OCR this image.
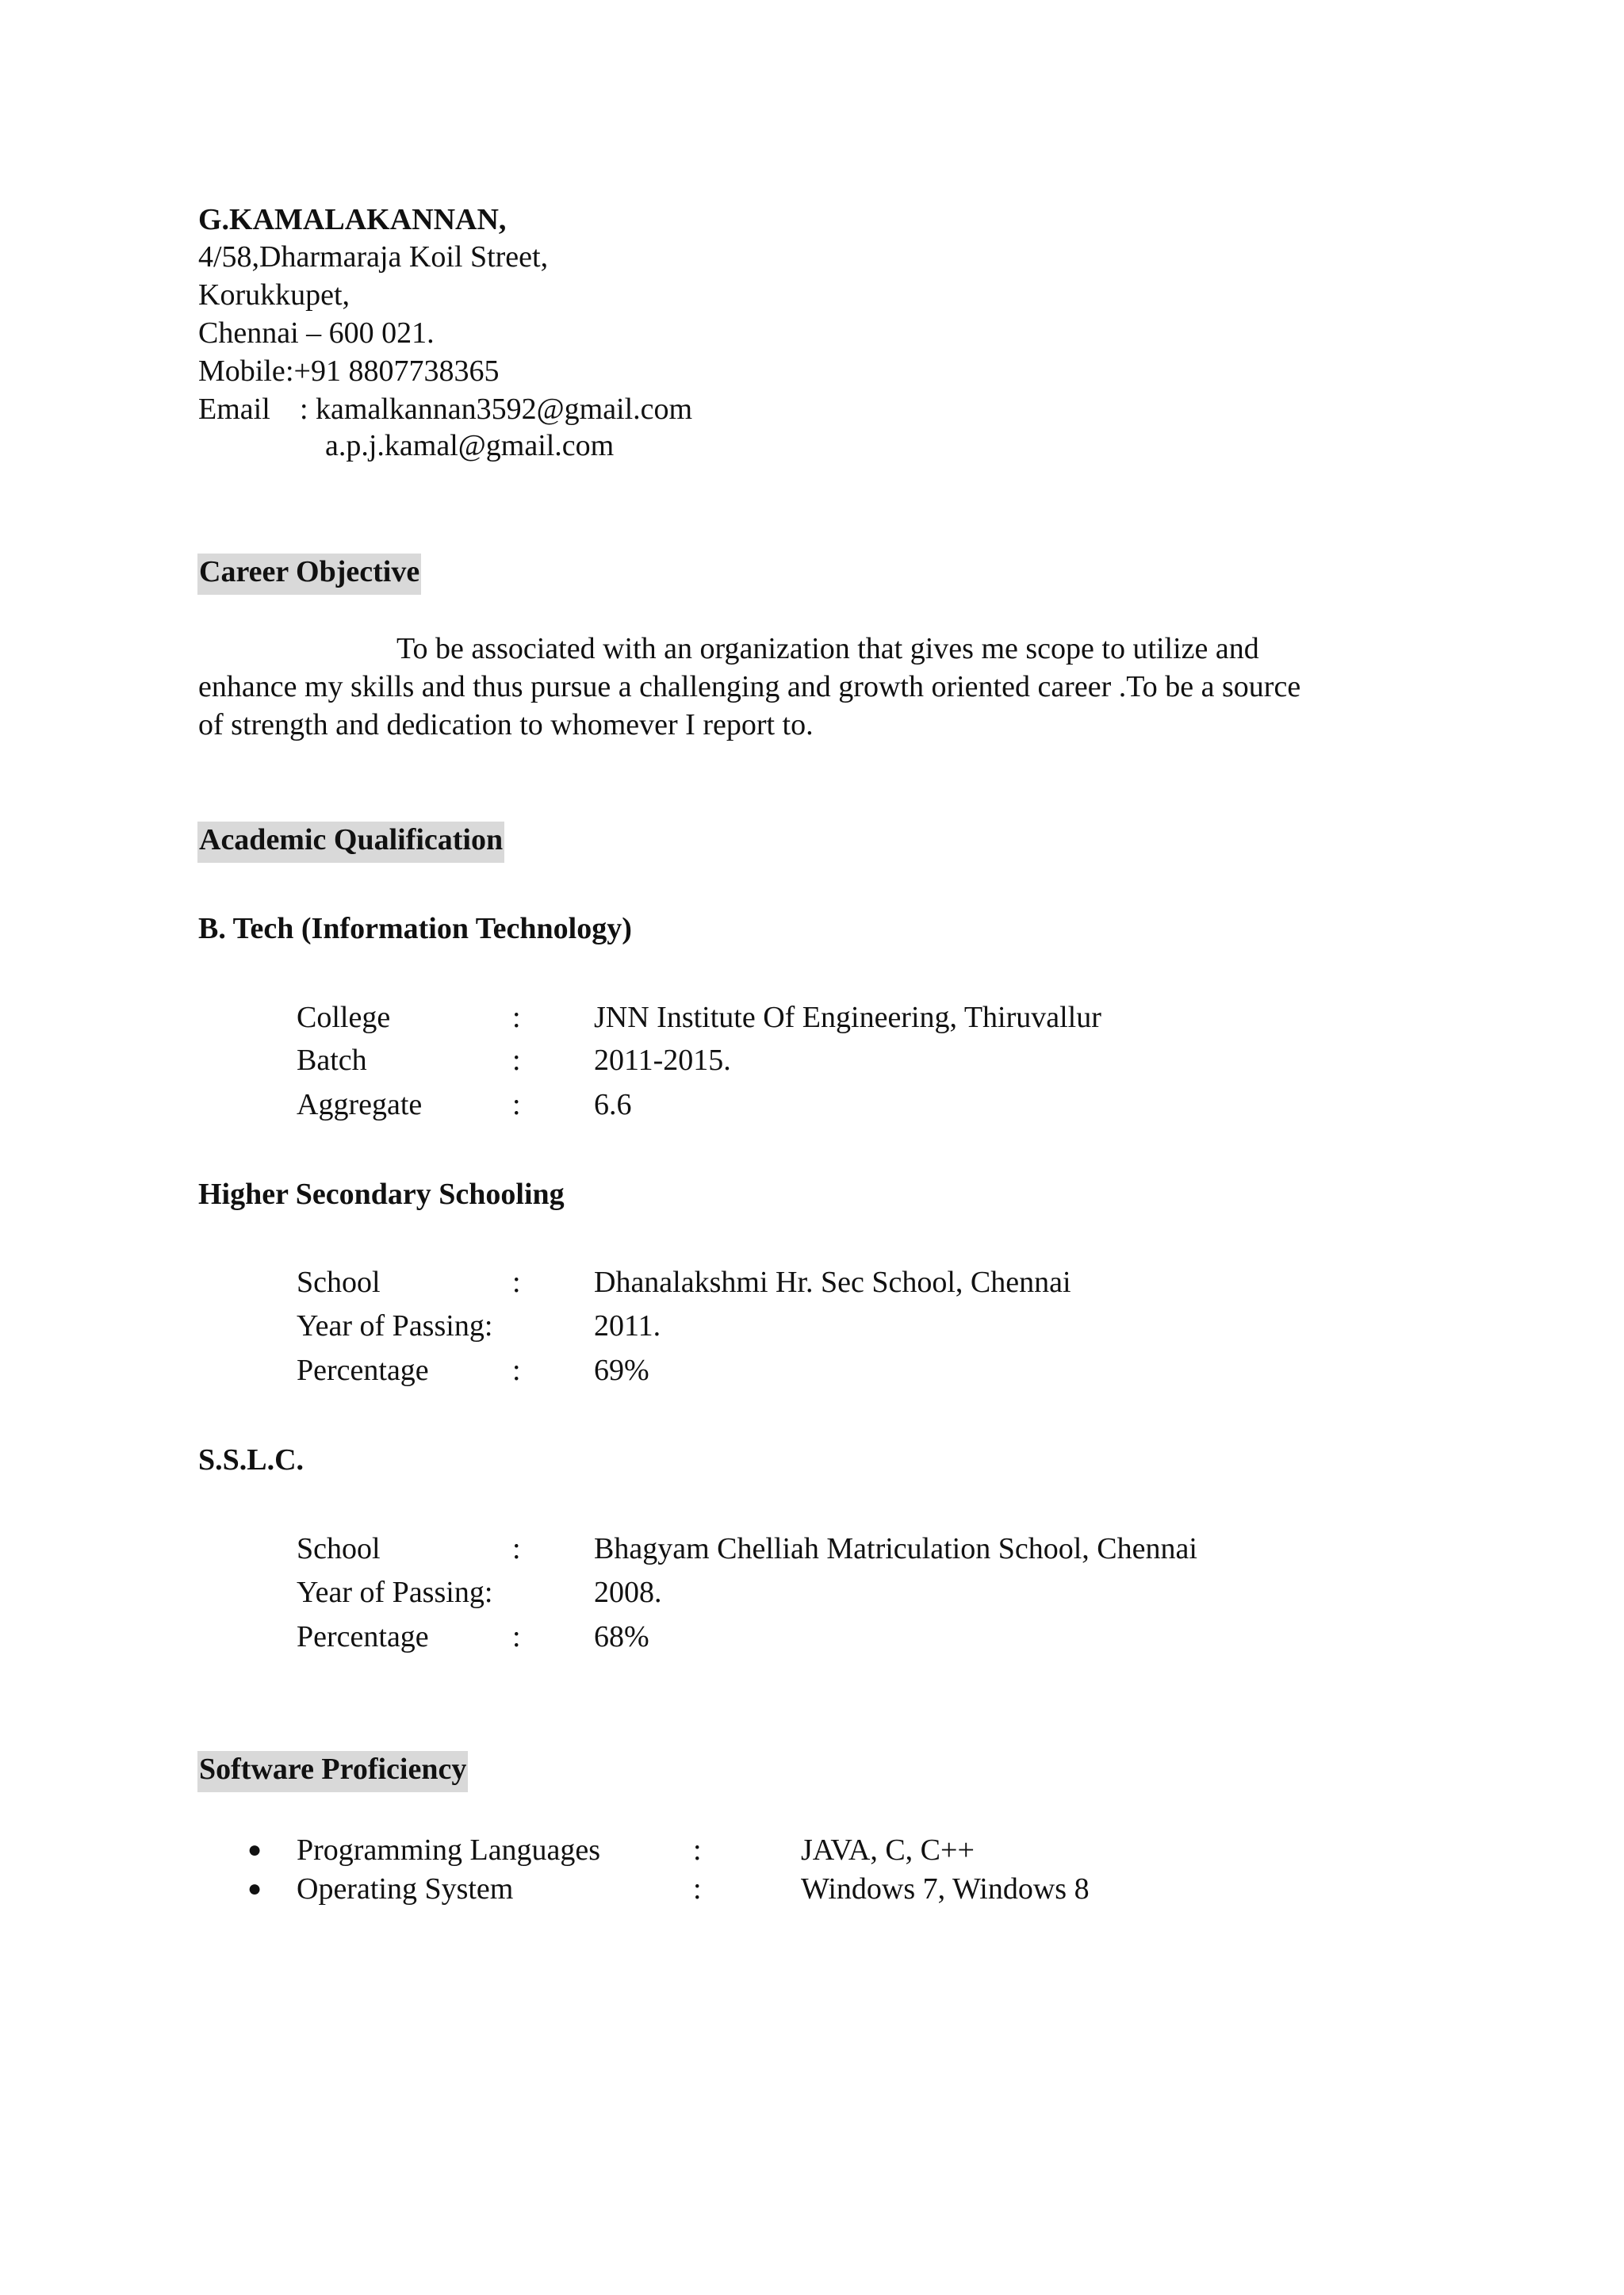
G.KAMALAKANNAN,
4/58,Dharmaraja Koil Street,
Korukkupet,
Chennai – 600 021.
Mobile :+91 8807738365
Email : kamalkannan3592@gmail.com
a.p.j.kamal@gmail.com
Career Objective
To be associated with an organization that gives me scope to utilize and
enhance my skills and thus pursue a challenging and growth oriented career .To be a source
of strength and dedication to whomever I report to.
Academic Qualification
B. Tech (Information Technology)
College	: JNN Institute Of Engineering, Thiruvallur
Batch	: 2011-2015.
Aggregate	: 6.6
Higher Secondary Schooling
School	: Dhanalakshmi Hr. Sec School, Chennai
Year of Passing:	2011.
Percentage	: 69%
S.S.L.C.
School	: Bhagyam Chelliah Matriculation School, Chennai
Year of Passing:	2008.
Percentage	: 68%
Software Proficiency
● Programming Languages	:	JAVA, C, C++
● Operating System	:	Windows 7, Windows 8
